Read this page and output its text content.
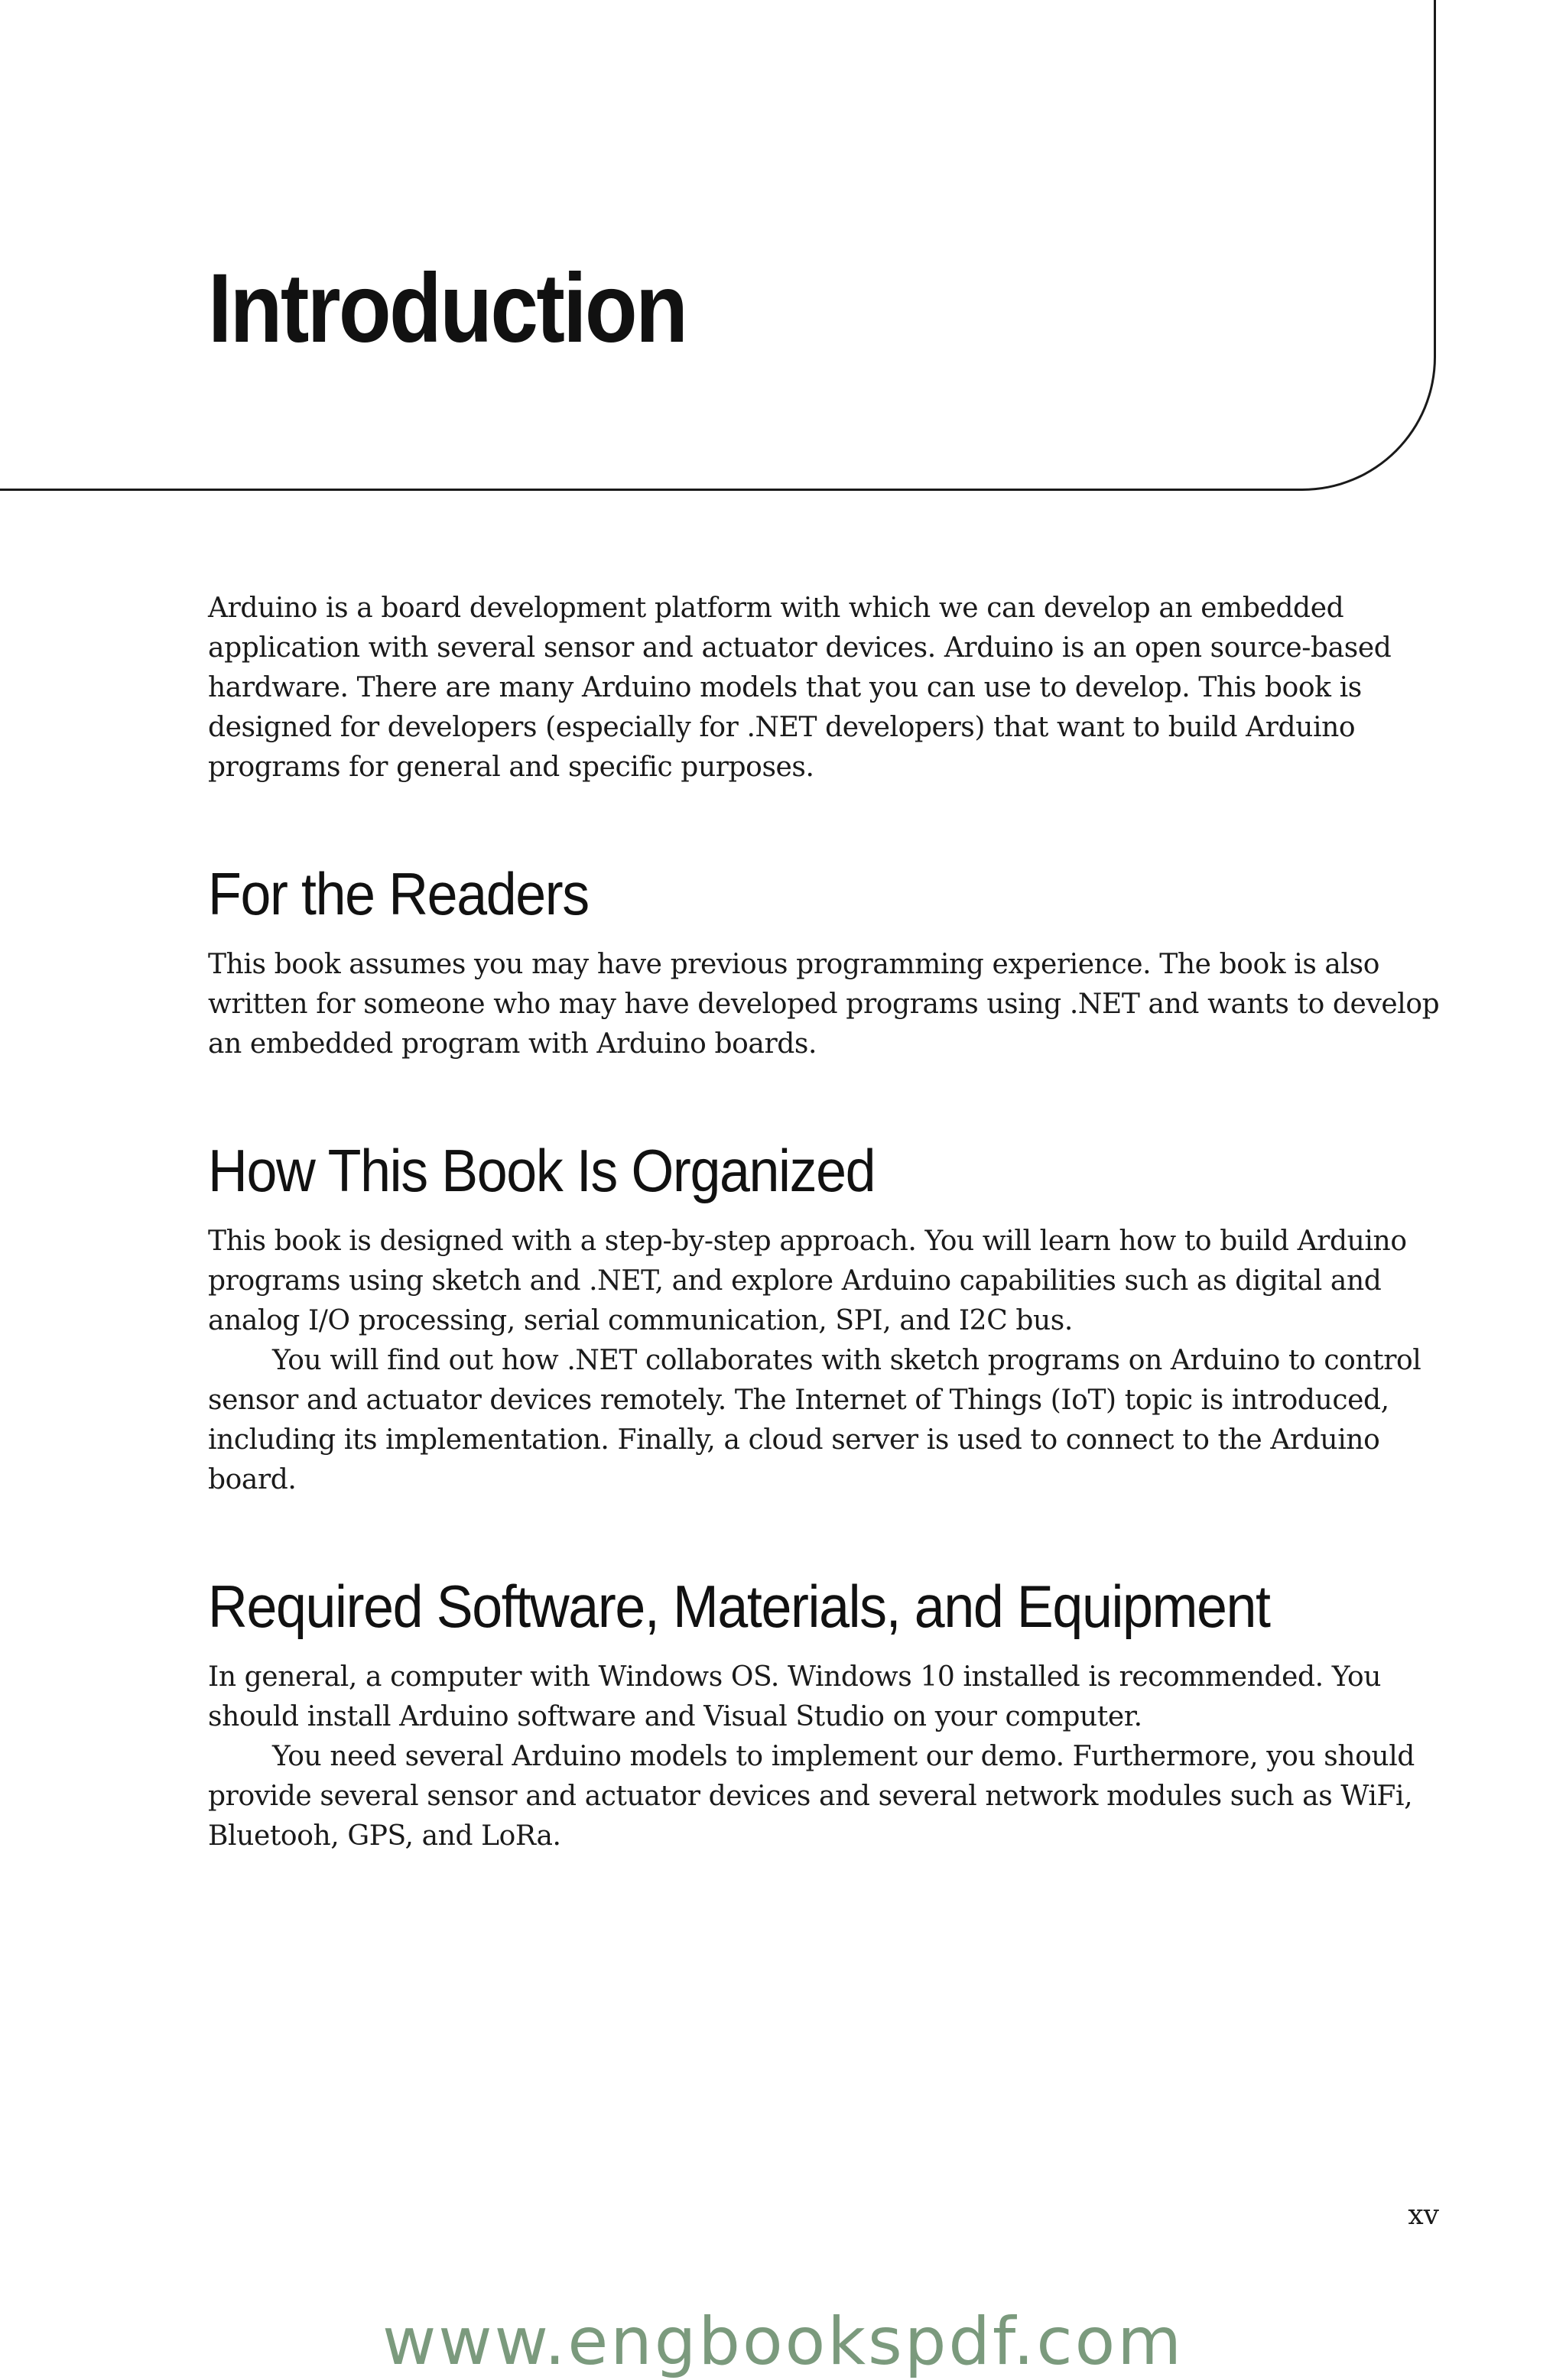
Introduction

Arduino is a board development platform with which we can develop an embedded application with several sensor and actuator devices. Arduino is an open source-based hardware. There are many Arduino models that you can use to develop. This book is designed for developers (especially for .NET developers) that want to build Arduino programs for general and specific purposes.

For the Readers

This book assumes you may have previous programming experience. The book is also written for someone who may have developed programs using .NET and wants to develop an embedded program with Arduino boards.

How This Book Is Organized

This book is designed with a step-by-step approach. You will learn how to build Arduino programs using sketch and .NET, and explore Arduino capabilities such as digital and analog I/O processing, serial communication, SPI, and I2C bus.

You will find out how .NET collaborates with sketch programs on Arduino to control sensor and actuator devices remotely. The Internet of Things (IoT) topic is introduced, including its implementation. Finally, a cloud server is used to connect to the Arduino board.

Required Software, Materials, and Equipment

In general, a computer with Windows OS. Windows 10 installed is recommended. You should install Arduino software and Visual Studio on your computer.

You need several Arduino models to implement our demo. Furthermore, you should provide several sensor and actuator devices and several network modules such as WiFi, Bluetooh, GPS, and LoRa.

xv
www.engbookspdf.com
